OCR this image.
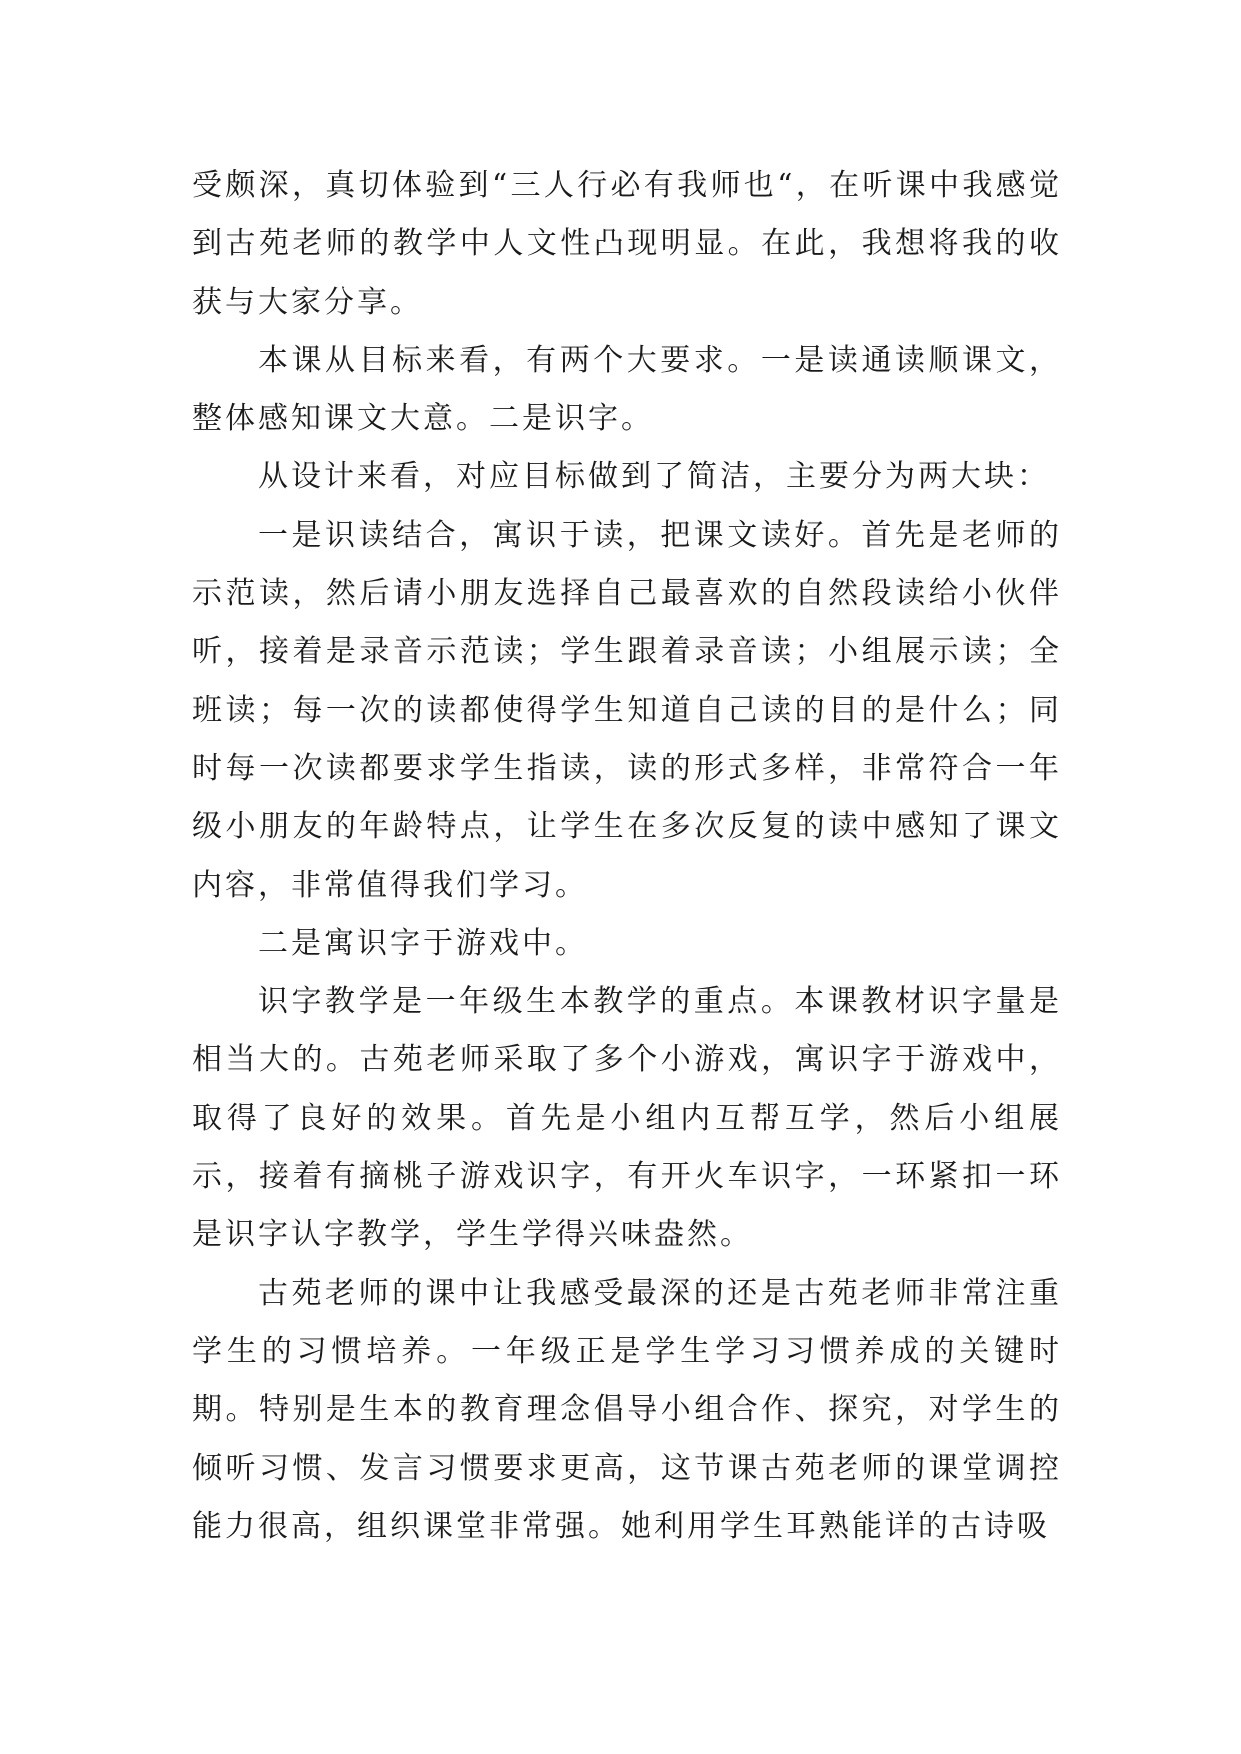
受颇深，真切体验到“三人行必有我师也“，在听课中我感觉到古苑老师的教学中人文性凸现明显。在此，我想将我的收获与大家分享。

本课从目标来看，有两个大要求。一是读通读顺课文，整体感知课文大意。二是识字。

从设计来看，对应目标做到了简洁，主要分为两大块：

一是识读结合，寓识于读，把课文读好。首先是老师的示范读，然后请小朋友选择自己最喜欢的自然段读给小伙伴听，接着是录音示范读；学生跟着录音读；小组展示读；全班读；每一次的读都使得学生知道自己读的目的是什么；同时每一次读都要求学生指读，读的形式多样，非常符合一年级小朋友的年龄特点，让学生在多次反复的读中感知了课文内容，非常值得我们学习。

二是寓识字于游戏中。

识字教学是一年级生本教学的重点。本课教材识字量是相当大的。古苑老师采取了多个小游戏，寓识字于游戏中，取得了良好的效果。首先是小组内互帮互学，然后小组展示，接着有摘桃子游戏识字，有开火车识字，一环紧扣一环是识字认字教学，学生学得兴味盎然。

古苑老师的课中让我感受最深的还是古苑老师非常注重学生的习惯培养。一年级正是学生学习习惯养成的关键时期。特别是生本的教育理念倡导小组合作、探究，对学生的倾听习惯、发言习惯要求更高，这节课古苑老师的课堂调控能力很高，组织课堂非常强。她利用学生耳熟能详的古诗吸
